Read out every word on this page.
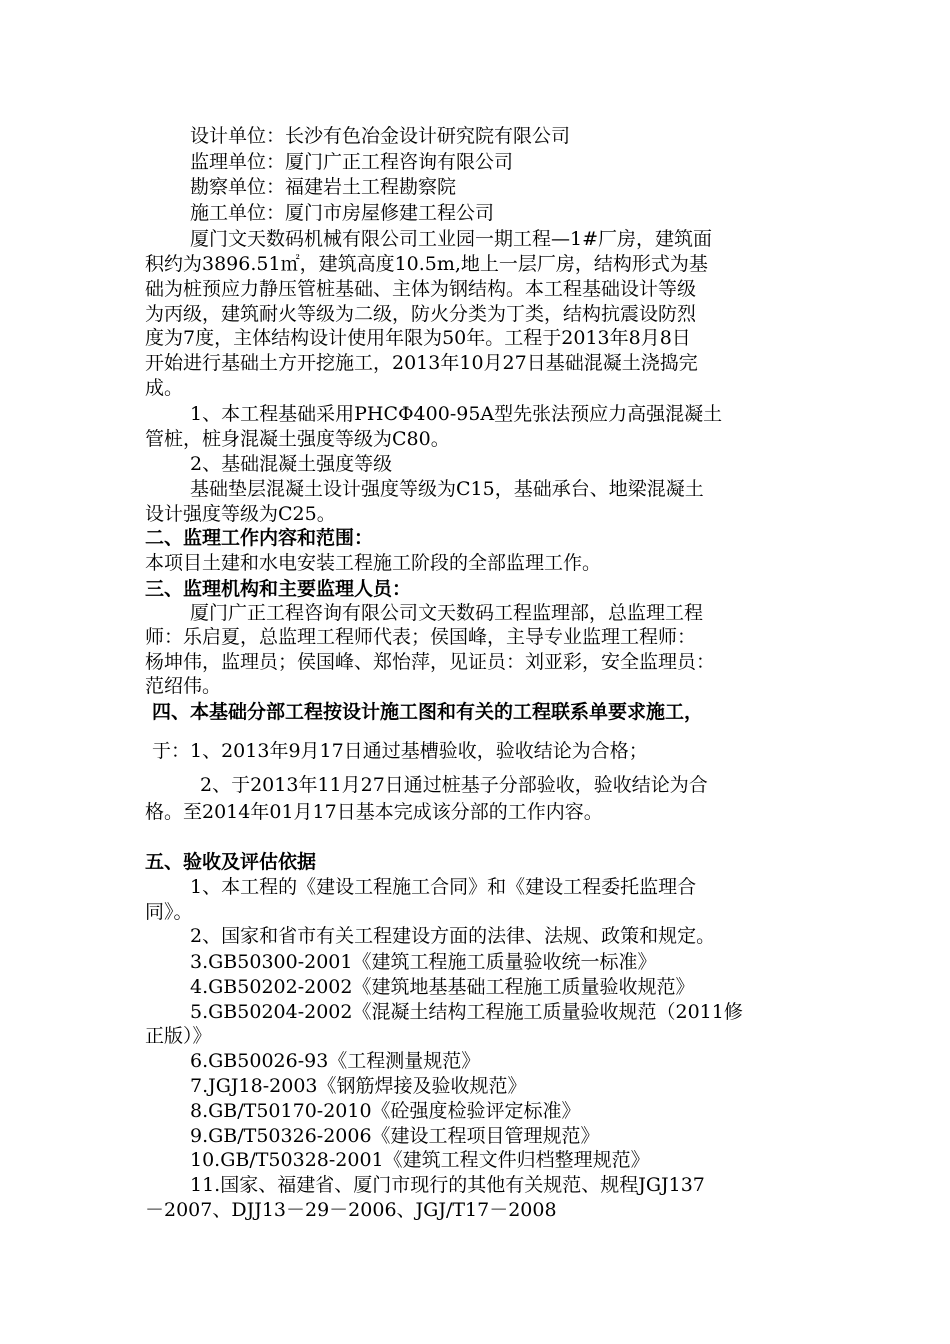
设计单位：长沙有色冶金设计研究院有限公司
监理单位：厦门广正工程咨询有限公司
勘察单位：福建岩土工程勘察院
施工单位：厦门市房屋修建工程公司
厦门文天数码机械有限公司工业园一期工程—1#厂房，建筑面
积约为3896.51㎡，建筑高度10.5m,地上一层厂房，结构形式为基
础为桩预应力静压管桩基础、主体为钢结构。本工程基础设计等级
为丙级，建筑耐火等级为二级，防火分类为丁类，结构抗震设防烈
度为7度，主体结构设计使用年限为50年。工程于2013年8月8日
开始进行基础土方开挖施工，2013年10月27日基础混凝土浇捣完
成。
1、本工程基础采用PHCΦ400-95A型先张法预应力高强混凝土
管桩，桩身混凝土强度等级为C80。
2、基础混凝土强度等级
基础垫层混凝土设计强度等级为C15，基础承台、地梁混凝土
设计强度等级为C25。
二、监理工作内容和范围：
本项目土建和水电安装工程施工阶段的全部监理工作。
三、监理机构和主要监理人员：
厦门广正工程咨询有限公司文天数码工程监理部，总监理工程
师：乐启夏，总监理工程师代表；侯国峰，主导专业监理工程师：
杨坤伟，监理员；侯国峰、郑怡萍，见证员：刘亚彩，安全监理员：
范绍伟。
四、本基础分部工程按设计施工图和有关的工程联系单要求施工，
于：1、2013年9月17日通过基槽验收，验收结论为合格；
2、于2013年11月27日通过桩基子分部验收，验收结论为合
格。至2014年01月17日基本完成该分部的工作内容。
五、验收及评估依据
1、本工程的《建设工程施工合同》和《建设工程委托监理合
同》。
2、国家和省市有关工程建设方面的法律、法规、政策和规定。
3.GB50300-2001《建筑工程施工质量验收统一标准》
4.GB50202-2002《建筑地基基础工程施工质量验收规范》
5.GB50204-2002《混凝土结构工程施工质量验收规范（2011修
正版）》
6.GB50026-93《工程测量规范》
7.JGJ18-2003《钢筋焊接及验收规范》
8.GB/T50170-2010《砼强度检验评定标准》
9.GB/T50326-2006《建设工程项目管理规范》
10.GB/T50328-2001《建筑工程文件归档整理规范》
11.国家、福建省、厦门市现行的其他有关规范、规程JGJ137
－2007、DJJ13－29－2006、JGJ/T17－2008
